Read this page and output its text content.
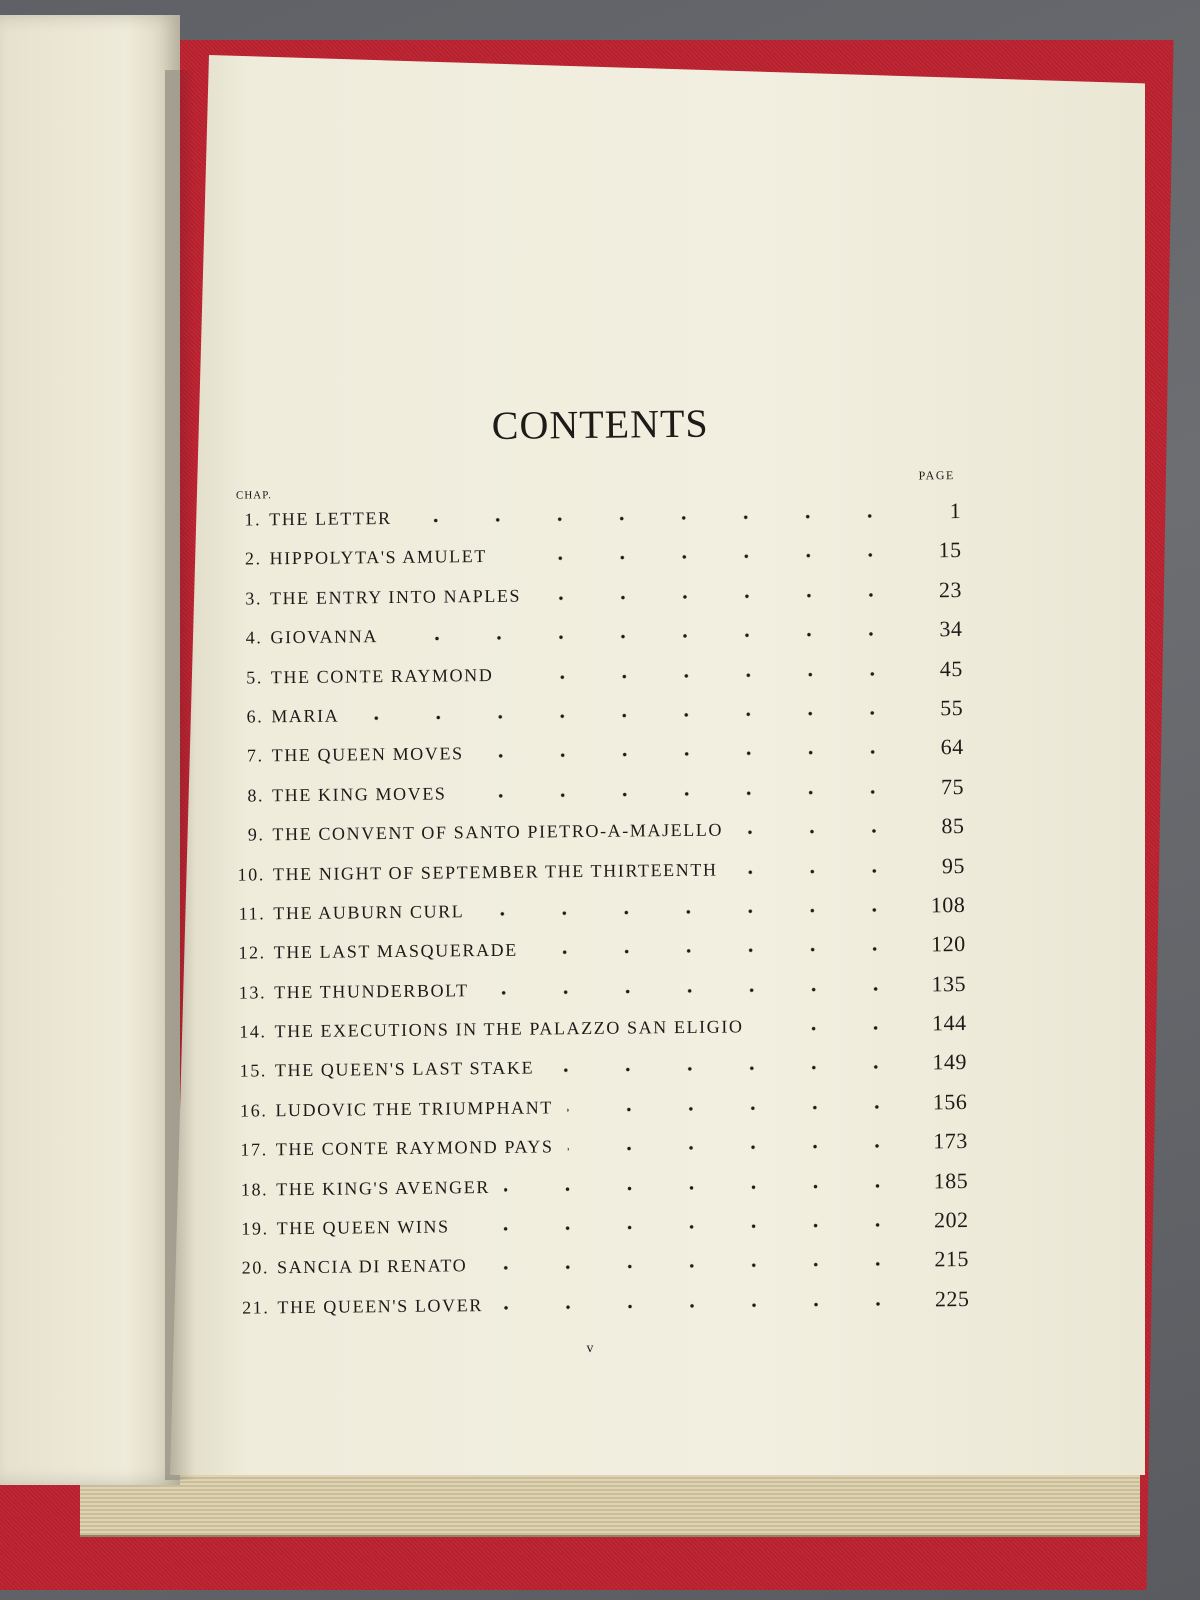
CONTENTS
CHAP.
PAGE
1. THE LETTER	1
2. HIPPOLYTA'S AMULET	15
3. THE ENTRY INTO NAPLES	23
4. GIOVANNA	34
5. THE CONTE RAYMOND	45
6. MARIA	55
7. THE QUEEN MOVES	64
8. THE KING MOVES	75
9. THE CONVENT OF SANTO PIETRO-A-MAJELLO	85
10. THE NIGHT OF SEPTEMBER THE THIRTEENTH	95
11. THE AUBURN CURL	108
12. THE LAST MASQUERADE	120
13. THE THUNDERBOLT	135
14. THE EXECUTIONS IN THE PALAZZO SAN ELIGIO	144
15. THE QUEEN'S LAST STAKE	149
16. LUDOVIC THE TRIUMPHANT	156
17. THE CONTE RAYMOND PAYS	173
18. THE KING'S AVENGER	185
19. THE QUEEN WINS	202
20. SANCIA DI RENATO	215
21. THE QUEEN'S LOVER	225
v
